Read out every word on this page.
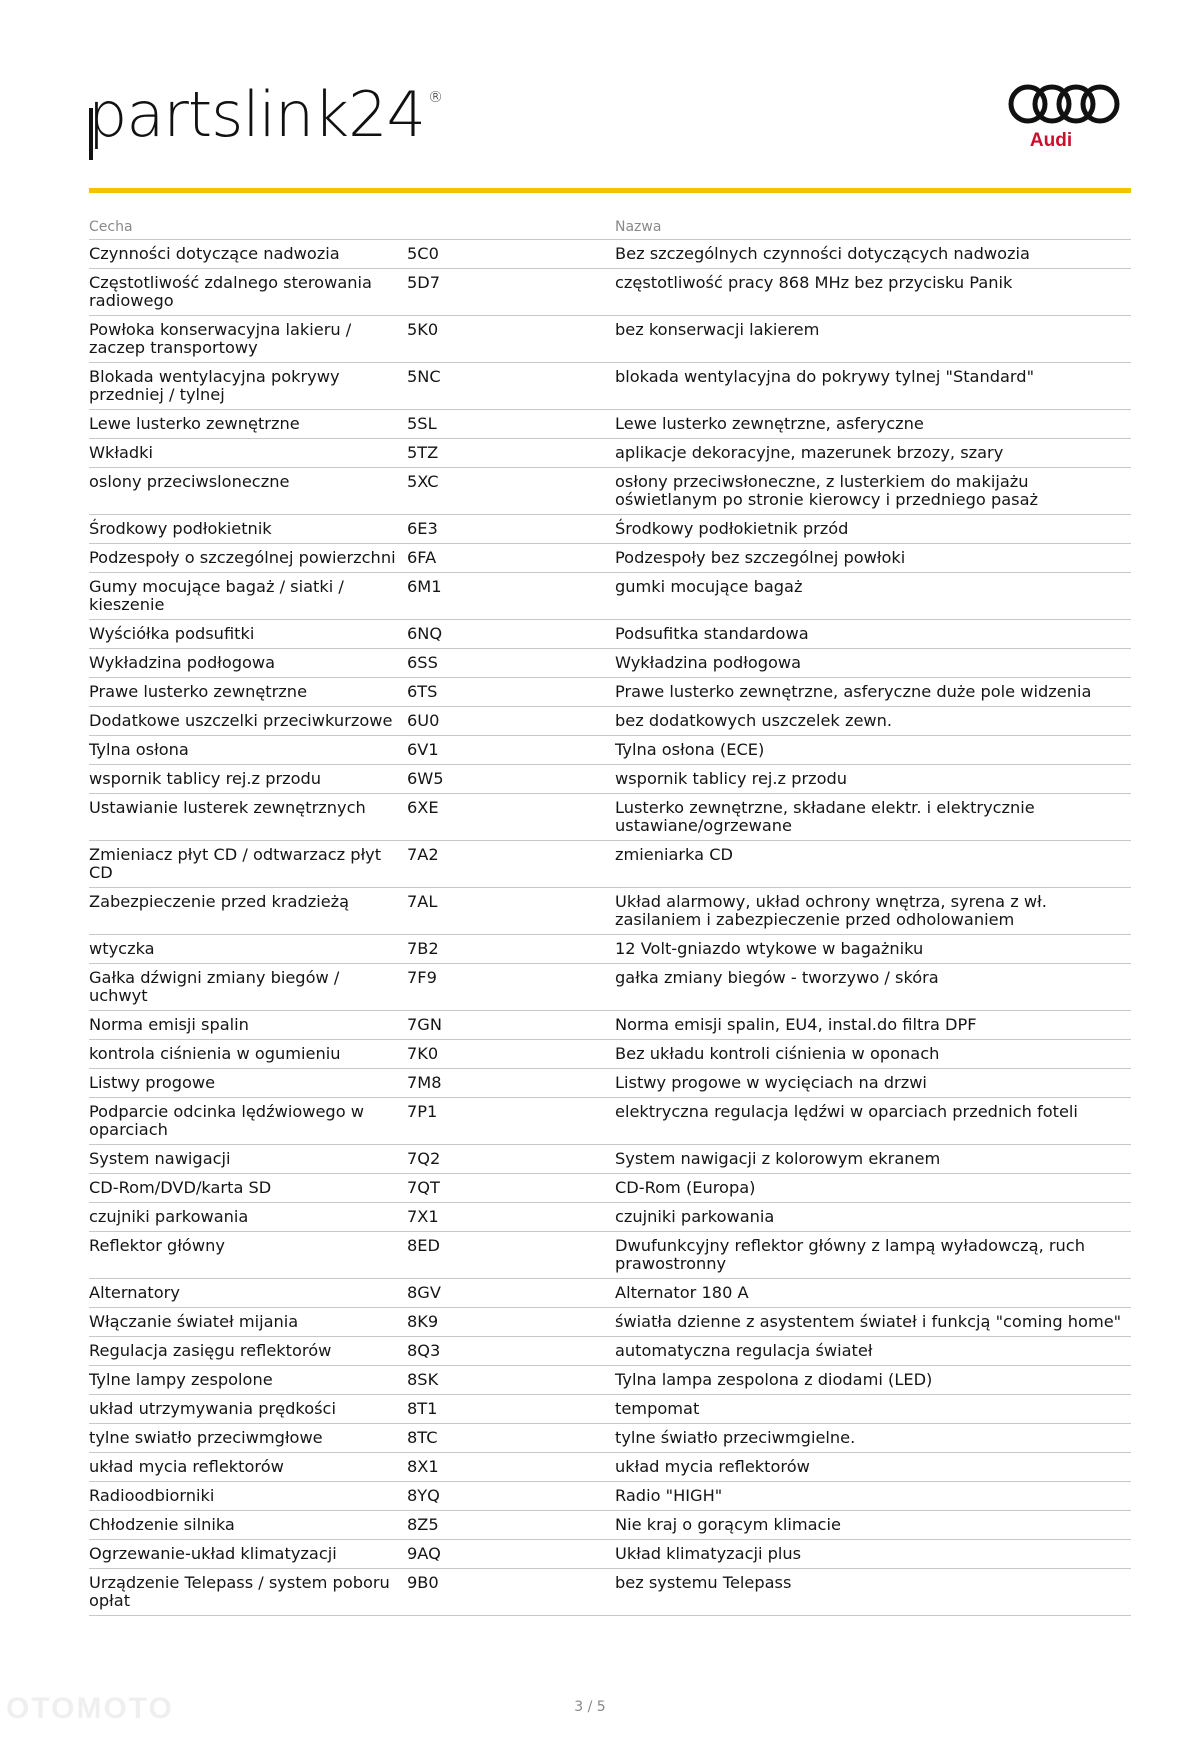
partslink24 ®
Audi
Cecha		Nazwa
Czynności dotyczące nadwozia	5C0	Bez szczególnych czynności dotyczących nadwozia
Częstotliwość zdalnego sterowania radiowego	5D7	częstotliwość pracy 868 MHz bez przycisku Panik
Powłoka konserwacyjna lakieru / zaczep transportowy	5K0	bez konserwacji lakierem
Blokada wentylacyjna pokrywy przedniej / tylnej	5NC	blokada wentylacyjna do pokrywy tylnej "Standard"
Lewe lusterko zewnętrzne	5SL	Lewe lusterko zewnętrzne, asferyczne
Wkładki	5TZ	aplikacje dekoracyjne, mazerunek brzozy, szary
oslony przeciwsloneczne	5XC	osłony przeciwsłoneczne, z lusterkiem do makijażu oświetlanym po stronie kierowcy i przedniego pasaż
Środkowy podłokietnik	6E3	Środkowy podłokietnik przód
Podzespoły o szczególnej powierzchni	6FA	Podzespoły bez szczególnej powłoki
Gumy mocujące bagaż / siatki / kieszenie	6M1	gumki mocujące bagaż
Wyściółka podsufitki	6NQ	Podsufitka standardowa
Wykładzina podłogowa	6SS	Wykładzina podłogowa
Prawe lusterko zewnętrzne	6TS	Prawe lusterko zewnętrzne, asferyczne duże pole widzenia
Dodatkowe uszczelki przeciwkurzowe	6U0	bez dodatkowych uszczelek zewn.
Tylna osłona	6V1	Tylna osłona (ECE)
wspornik tablicy rej.z przodu	6W5	wspornik tablicy rej.z przodu
Ustawianie lusterek zewnętrznych	6XE	Lusterko zewnętrzne, składane elektr. i elektrycznie ustawiane/ogrzewane
Zmieniacz płyt CD / odtwarzacz płyt CD	7A2	zmieniarka CD
Zabezpieczenie przed kradzieżą	7AL	Układ alarmowy, układ ochrony wnętrza, syrena z wł. zasilaniem i zabezpieczenie przed odholowaniem
wtyczka	7B2	12 Volt-gniazdo wtykowe w bagażniku
Gałka dźwigni zmiany biegów / uchwyt	7F9	gałka zmiany biegów - tworzywo / skóra
Norma emisji spalin	7GN	Norma emisji spalin, EU4, instal.do filtra DPF
kontrola ciśnienia w ogumieniu	7K0	Bez układu kontroli ciśnienia w oponach
Listwy progowe	7M8	Listwy progowe w wycięciach na drzwi
Podparcie odcinka lędźwiowego w oparciach	7P1	elektryczna regulacja lędźwi w oparciach przednich foteli
System nawigacji	7Q2	System nawigacji z kolorowym ekranem
CD-Rom/DVD/karta SD	7QT	CD-Rom (Europa)
czujniki parkowania	7X1	czujniki parkowania
Reflektor główny	8ED	Dwufunkcyjny reflektor główny z lampą wyładowczą, ruch prawostronny
Alternatory	8GV	Alternator 180 A
Włączanie świateł mijania	8K9	światła dzienne z asystentem świateł i funkcją "coming home"
Regulacja zasięgu reflektorów	8Q3	automatyczna regulacja świateł
Tylne lampy zespolone	8SK	Tylna lampa zespolona z diodami (LED)
układ utrzymywania prędkości	8T1	tempomat
tylne swiatło przeciwmgłowe	8TC	tylne światło przeciwmgielne.
układ mycia reflektorów	8X1	układ mycia reflektorów
Radioodbiorniki	8YQ	Radio "HIGH"
Chłodzenie silnika	8Z5	Nie kraj o gorącym klimacie
Ogrzewanie-układ klimatyzacji	9AQ	Układ klimatyzacji plus
Urządzenie Telepass / system poboru opłat	9B0	bez systemu Telepass
3 / 5
OTOMOTO
